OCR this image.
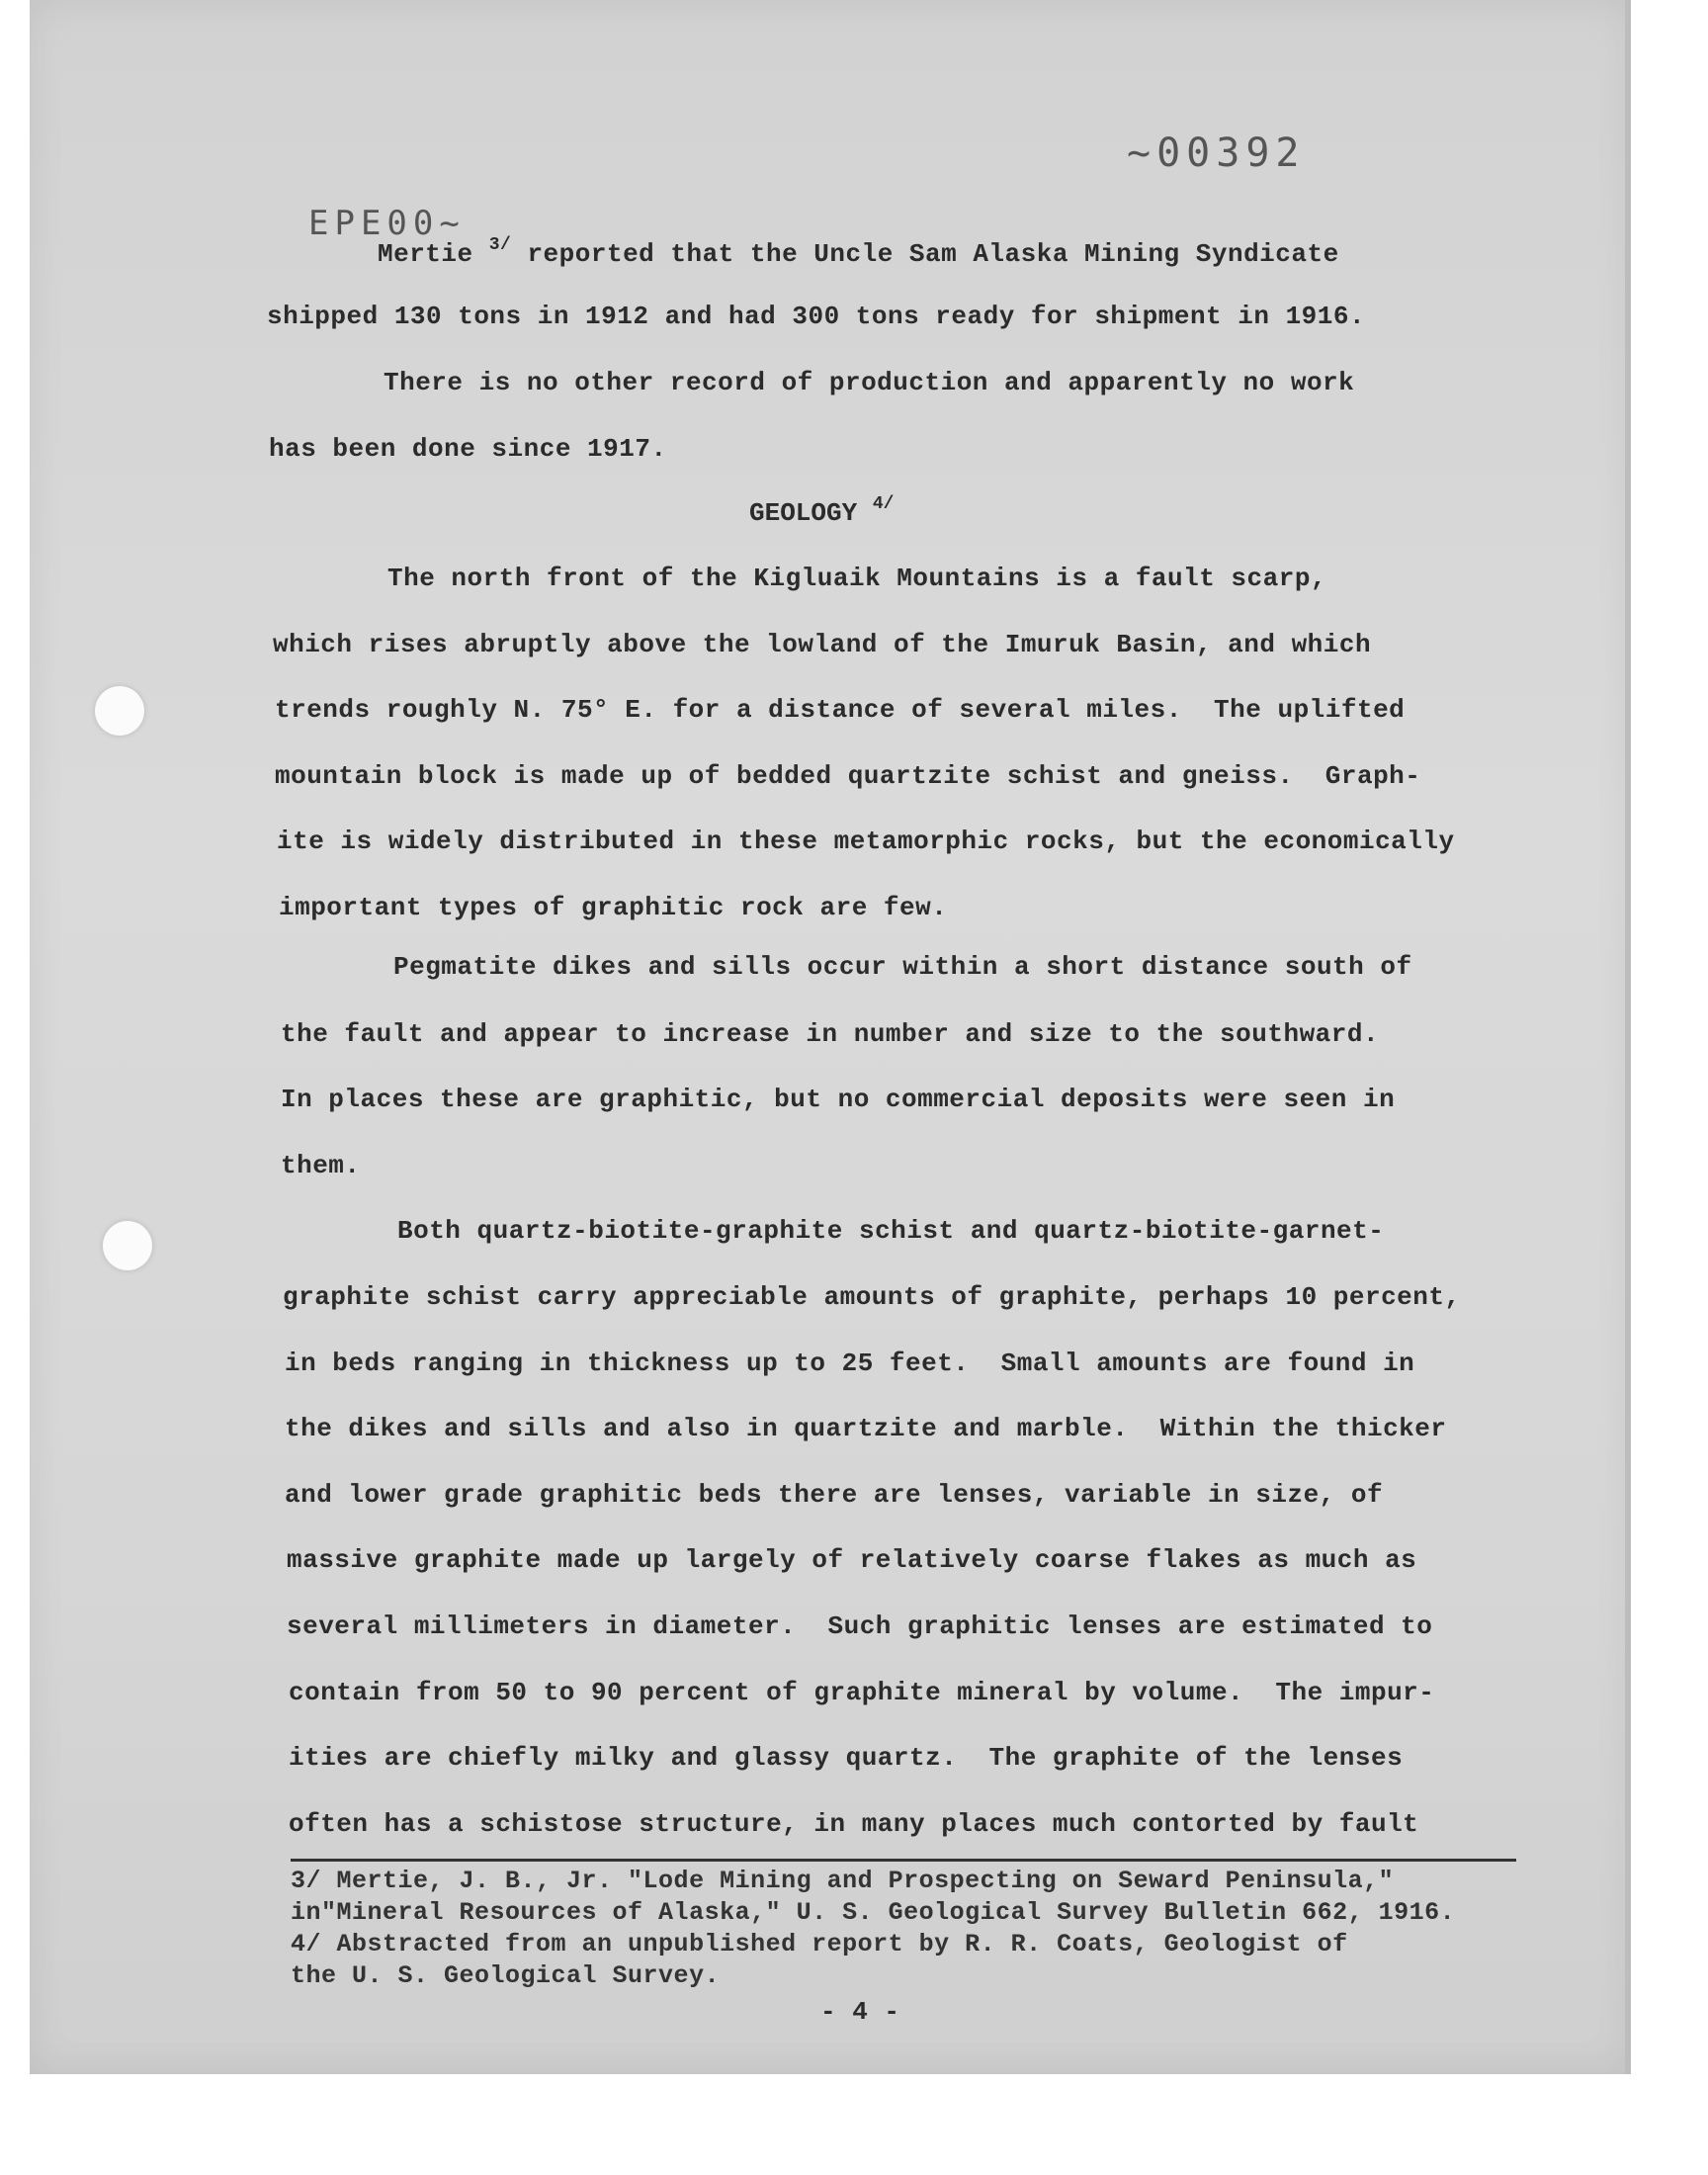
~00392
EPE00~
Mertie $^{3/}$ reported that the Uncle Sam Alaska Mining Syndicate
shipped 130 tons in 1912 and had 300 tons ready for shipment in 1916.
There is no other record of production and apparently no work
has been done since 1917.
GEOLOGY $^{4/}$
The north front of the Kigluaik Mountains is a fault scarp,
which rises abruptly above the lowland of the Imuruk Basin, and which
trends roughly N. 75° E. for a distance of several miles.  The uplifted
mountain block is made up of bedded quartzite schist and gneiss.  Graph-
ite is widely distributed in these metamorphic rocks, but the economically
important types of graphitic rock are few.
Pegmatite dikes and sills occur within a short distance south of
the fault and appear to increase in number and size to the southward.
In places these are graphitic, but no commercial deposits were seen in
them.
Both quartz-biotite-graphite schist and quartz-biotite-garnet-
graphite schist carry appreciable amounts of graphite, perhaps 10 percent,
in beds ranging in thickness up to 25 feet.  Small amounts are found in
the dikes and sills and also in quartzite and marble.  Within the thicker
and lower grade graphitic beds there are lenses, variable in size, of
massive graphite made up largely of relatively coarse flakes as much as
several millimeters in diameter.  Such graphitic lenses are estimated to
contain from 50 to 90 percent of graphite mineral by volume.  The impur-
ities are chiefly milky and glassy quartz.  The graphite of the lenses
often has a schistose structure, in many places much contorted by fault
3/ Mertie, J. B., Jr. "Lode Mining and Prospecting on Seward Peninsula,"
in"Mineral Resources of Alaska," U. S. Geological Survey Bulletin 662, 1916.
4/ Abstracted from an unpublished report by R. R. Coats, Geologist of
the U. S. Geological Survey.
- 4 -
